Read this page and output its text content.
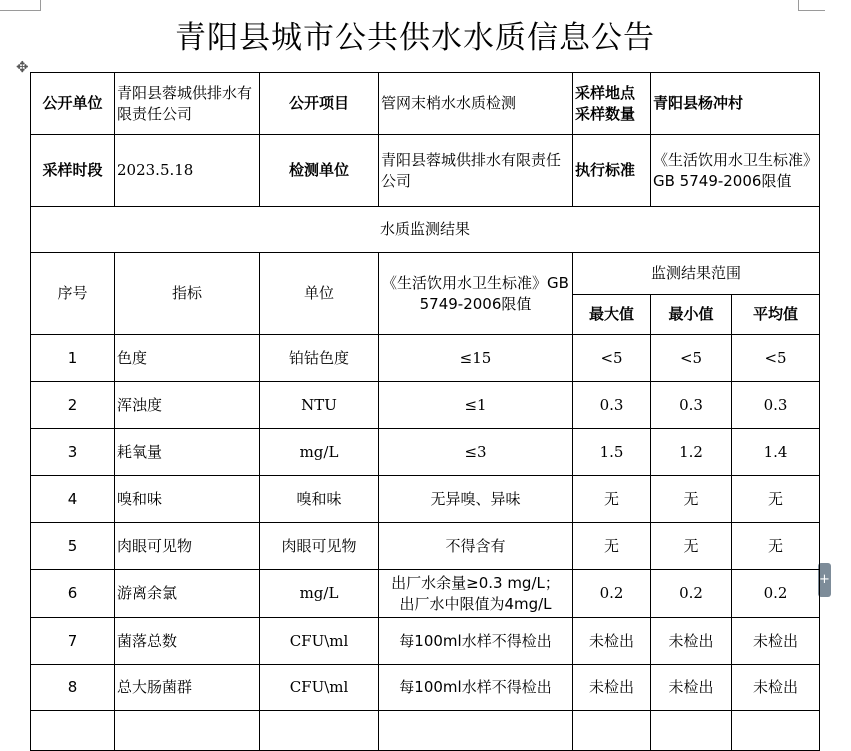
青阳县城市公共供水水质信息公告
✥
+
公开单位	青阳县蓉城供排水有限责任公司	公开项目	管网末梢水水质检测	采样地点采样数量	青阳县杨冲村	
采样时段	2023.5.18	检测单位	青阳县蓉城供排水有限责任公司	执行标准	《生活饮用水卫生标准》GB 5749-2006限值	
水质监测结果						
序号	指标	单位	《生活饮用水卫生标准》GB 5749-2006限值	监测结果范围		
				最大值	最小值	平均值
1	色度	铂钴色度	≤15	<5	<5	<5
2	浑浊度	NTU	≤1	0.3	0.3	0.3
3	耗氧量	mg/L	≤3	1.5	1.2	1.4
4	嗅和味	嗅和味	无异嗅、异味	无	无	无
5	肉眼可见物	肉眼可见物	不得含有	无	无	无
6	游离余氯	mg/L	出厂水余量≥0.3 mg/L；
出厂水中限值为4mg/L	0.2	0.2	0.2
7	菌落总数	CFU\ml	每100ml水样不得检出	未检出	未检出	未检出
8	总大肠菌群	CFU\ml	每100ml水样不得检出	未检出	未检出	未检出
